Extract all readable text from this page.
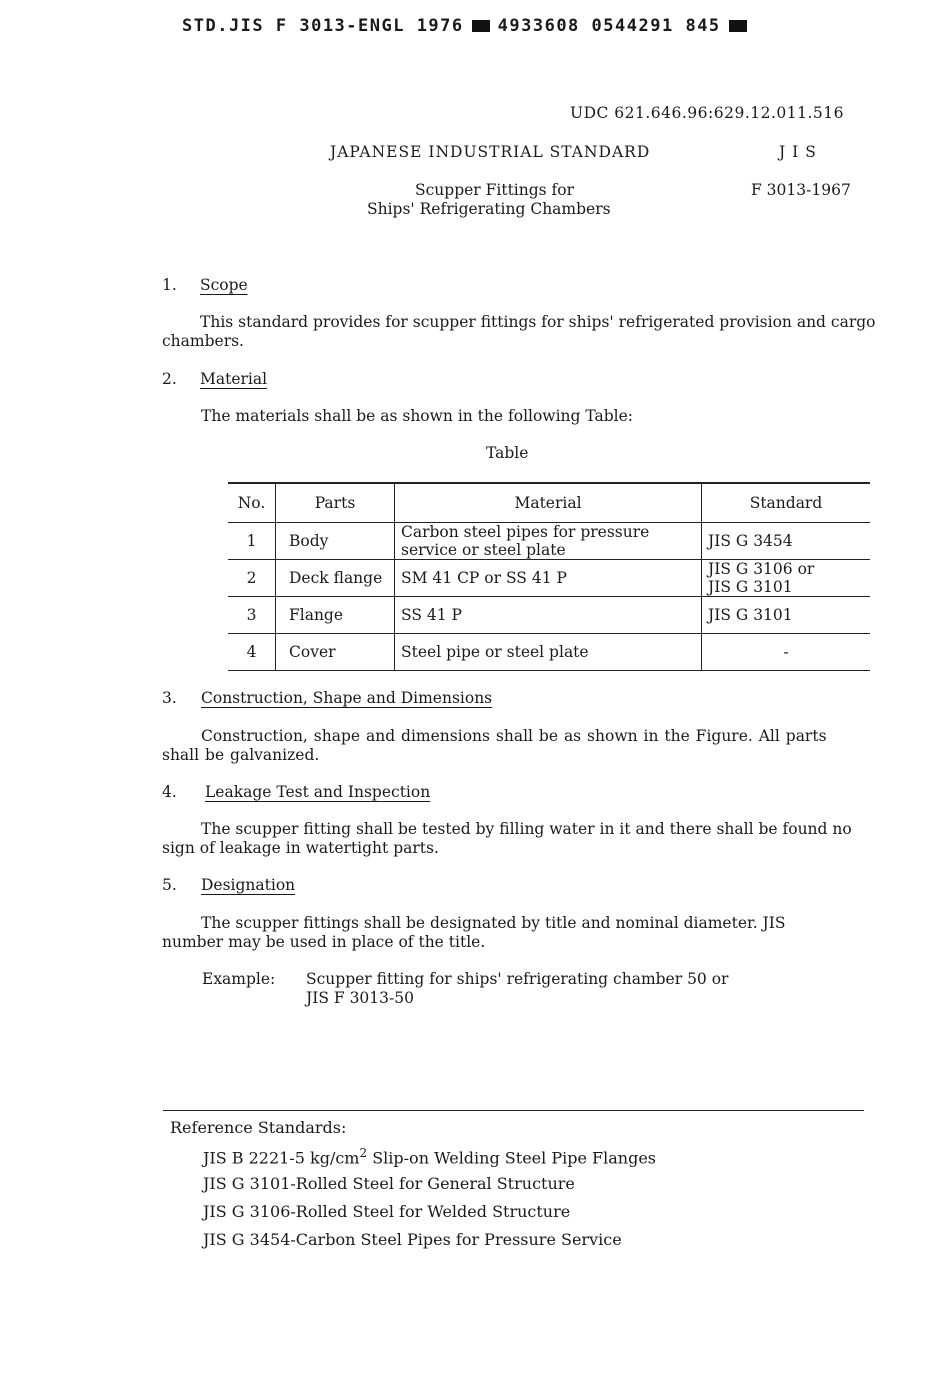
STD.JIS F 3013-ENGL 1976 4933608 0544291 845
UDC 621.646.96:629.12.011.516
JAPANESE INDUSTRIAL STANDARD	J I S
Scupper Fittings for
Ships' Refrigerating Chambers
F 3013-1967
1. Scope
This standard provides for scupper fittings for ships' refrigerated provision and cargo chambers.
2. Material
The materials shall be as shown in the following Table:
Table
No.	Parts	Material	Standard
1	Body	Carbon steel pipes for pressure service or steel plate	JIS G 3454
2	Deck flange	SM 41 CP or SS 41 P	JIS G 3106 or JIS G 3101
3	Flange	SS 41 P	JIS G 3101
4	Cover	Steel pipe or steel plate	-
3. Construction, Shape and Dimensions
Construction, shape and dimensions shall be as shown in the Figure. All parts shall be galvanized.
4. Leakage Test and Inspection
The scupper fitting shall be tested by filling water in it and there shall be found no sign of leakage in watertight parts.
5. Designation
The scupper fittings shall be designated by title and nominal diameter. JIS number may be used in place of the title.
Example: Scupper fitting for ships' refrigerating chamber 50 or
JIS F 3013-50
Reference Standards:
JIS B 2221-5 $kg/cm^2$ Slip-on Welding Steel Pipe Flanges
JIS G 3101-Rolled Steel for General Structure
JIS G 3106-Rolled Steel for Welded Structure
JIS G 3454-Carbon Steel Pipes for Pressure Service
